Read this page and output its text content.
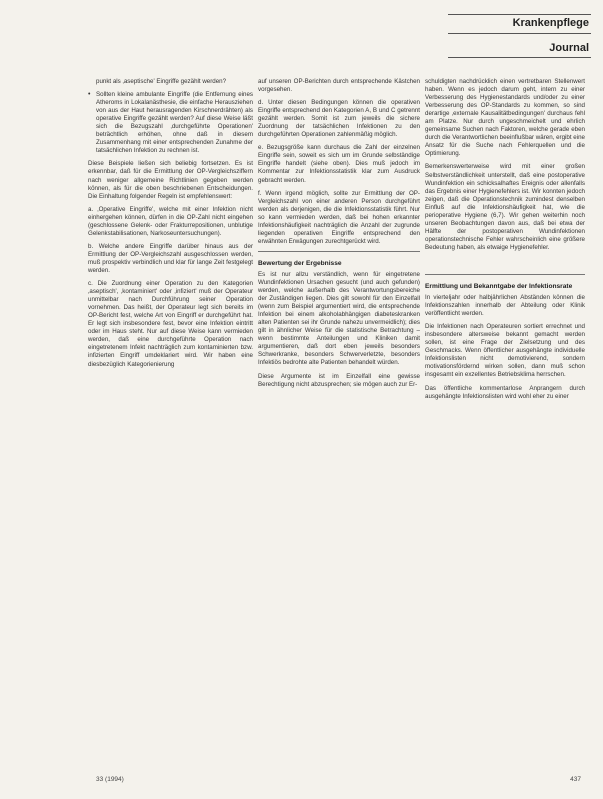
Krankenpflege
Journal

punkt als ‚aseptische' Eingriffe gezählt werden?

• Sollten kleine ambulante Eingriffe (die Entfernung eines Atheroms in Lokalanästhesie, die einfache Herausziehen von aus der Haut herausragenden Kirschnerdrähten) als operative Eingriffe gezählt werden? Auf diese Weise läßt sich die Bezugszahl ‚durchgeführte Operationen' beträchtlich erhöhen, ohne daß in diesem Zusammenhang mit einer entsprechenden Zunahme der tatsächlichen Infektion zu rechnen ist.

Diese Beispiele ließen sich beliebig fortsetzen. Es ist erkennbar, daß für die Ermittlung der OP-Vergleichsziffern nach weniger allgemeine Richtlinien gegeben werden können, als für die oben beschriebenen Entscheidungen. Die Einhaltung folgender Regeln ist empfehlenswert:

a. ‚Operative Eingriffe', welche mit einer Infektion nicht einhergehen können, dürfen in die OP-Zahl nicht eingehen (geschlossene Gelenk- oder Frakturrepositionen, unblutige Gelenkstabilisationen, Narkoseuntersuchungen).

b. Welche andere Eingriffe darüber hinaus aus der Ermittlung der OP-Vergleichszahl ausgeschlossen werden, muß prospektiv verbindlich und klar für lange Zeit festgelegt werden.

c. Die Zuordnung einer Operation zu den Kategorien ‚aseptisch', ‚kontaminiert' oder ‚infiziert' muß der Operateur unmittelbar nach Durchführung seiner Operation vornehmen. Das heißt, der Operateur legt sich bereits im OP-Bericht fest, welche Art von Eingriff er durchgeführt hat. Er legt sich insbesondere fest, bevor eine Infektion eintritt oder im Haus steht. Nur auf diese Weise kann vermieden werden, daß eine durchgeführte Operation nach eingetretenem Infekt nachträglich zum kontaminierten bzw. infizierten Eingriff umdeklariert wird. Wir haben eine diesbezüglich Kategorienierung

auf unseren OP-Berichten durch entsprechende Kästchen vorgesehen.

d. Unter diesen Bedingungen können die operativen Eingriffe entsprechend den Kategorien A, B und C getrennt gezählt werden. Somit ist zum jeweils die sichere Zuordnung der tatsächlichen Infektionen zu den durchgeführten Operationen zahlenmäßig möglich.

e. Bezugsgröße kann durchaus die Zahl der einzelnen Eingriffe sein, soweit es sich um im Grunde selbständige Eingriffe handelt (siehe oben). Dies muß jedoch im Kommentar zur Infektionsstatistik klar zum Ausdruck gebracht werden.

f. Wenn irgend möglich, sollte zur Ermittlung der OP-Vergleichszahl von einer anderen Person durchgeführt werden als derjenigen, die die Infektionsstatistik führt. Nur so kann vermieden werden, daß bei hohen erkannter Infektionshäufigkeit nachträglich die Anzahl der zugrunde liegenden operativen Eingriffe entsprechend den erwähnten Erwägungen zurechtgerückt wird.

Bewertung der Ergebnisse

Es ist nur allzu verständlich, wenn für eingetretene Wundinfektionen Ursachen gesucht (und auch gefunden) werden, welche außerhalb des Verantwortungsbereiche der Zuständigen liegen. Dies gilt sowohl für den Einzelfall (wenn zum Beispiel argumentiert wird, die entsprechende Infektion bei einem alkoholabhängigen diabeteskranken alten Patienten sei ihr Grunde nahezu unvermeidlich); dies gilt in ähnlicher Weise für die statistische Betrachtung – wenn bestimmte Anteilungen und Kliniken damit argumentieren, daß dort eben jeweils besonders Schwerkranke, besonders Schwerverletzte, besonders Infektiös bedrohte alte Patienten behandelt würden.

Diese Argumente ist im Einzelfall eine gewisse Berechtigung nicht abzusprechen; sie mögen auch zur Er-

schuldigten nachdrücklich einen vertretbaren Stellenwert haben. Wenn es jedoch darum geht, intern zu einer Verbesserung des Hygienestandards und/oder zu einer Verbesserung des OP-Standards zu kommen, so sind derartige ‚externale Kausalitätbedingungen' durchaus fehl am Platze. Nur durch ungeschmeichelt und ehrlich gemeinsame Suchen nach Faktoren, welche gerade eben durch die Verantwortlichen beeinflußbar wären, ergibt eine Ansatz für die Suche nach Fehlerquellen und die Optimierung.

Bemerkenswerterweise wird mit einer großen Selbstverständlichkeit unterstellt, daß eine postoperative Wundinfektion ein schicksalhaftes Ereignis oder allenfalls das Ergebnis einer Hygienefehlers ist. Wir konnten jedoch zeigen, daß die Operationstechnik zumindest denselben Einfluß auf die Infektionshäufigkeit hat, wie die perioperative Hygiene (6,7). Wir gehen weiterhin noch unseren Beobachtungen davon aus, daß bei etwa der Hälfte der postoperativen Wundinfektionen operationstechnische Fehler wahrscheinlich eine größere Bedeutung haben, als etwaige Hygienefehler.

Ermittlung und Bekanntgabe der Infektionsrate

In vierteljahr oder halbjährlichen Abständen können die Infektionszahlen innerhalb der Abteilung oder Klinik veröffentlicht werden.

Die Infektionen nach Operateuren sortiert errechnet und insbesondere altersweise bekannt gemacht werden sollen, ist eine Frage der Zielsetzung und des Geschmacks. Wenn öffentlicher ausgehängte individuelle Infektionslisten nicht demotivierend, sondern motivationsfördernd wirken sollen, dann muß schon insgesamt ein exzellentes Betriebsklima herrschen.

Das öffentliche kommentarlose Anprangern durch ausgehängte Infektionslisten wird wohl eher zu einer

33 (1994)	437
